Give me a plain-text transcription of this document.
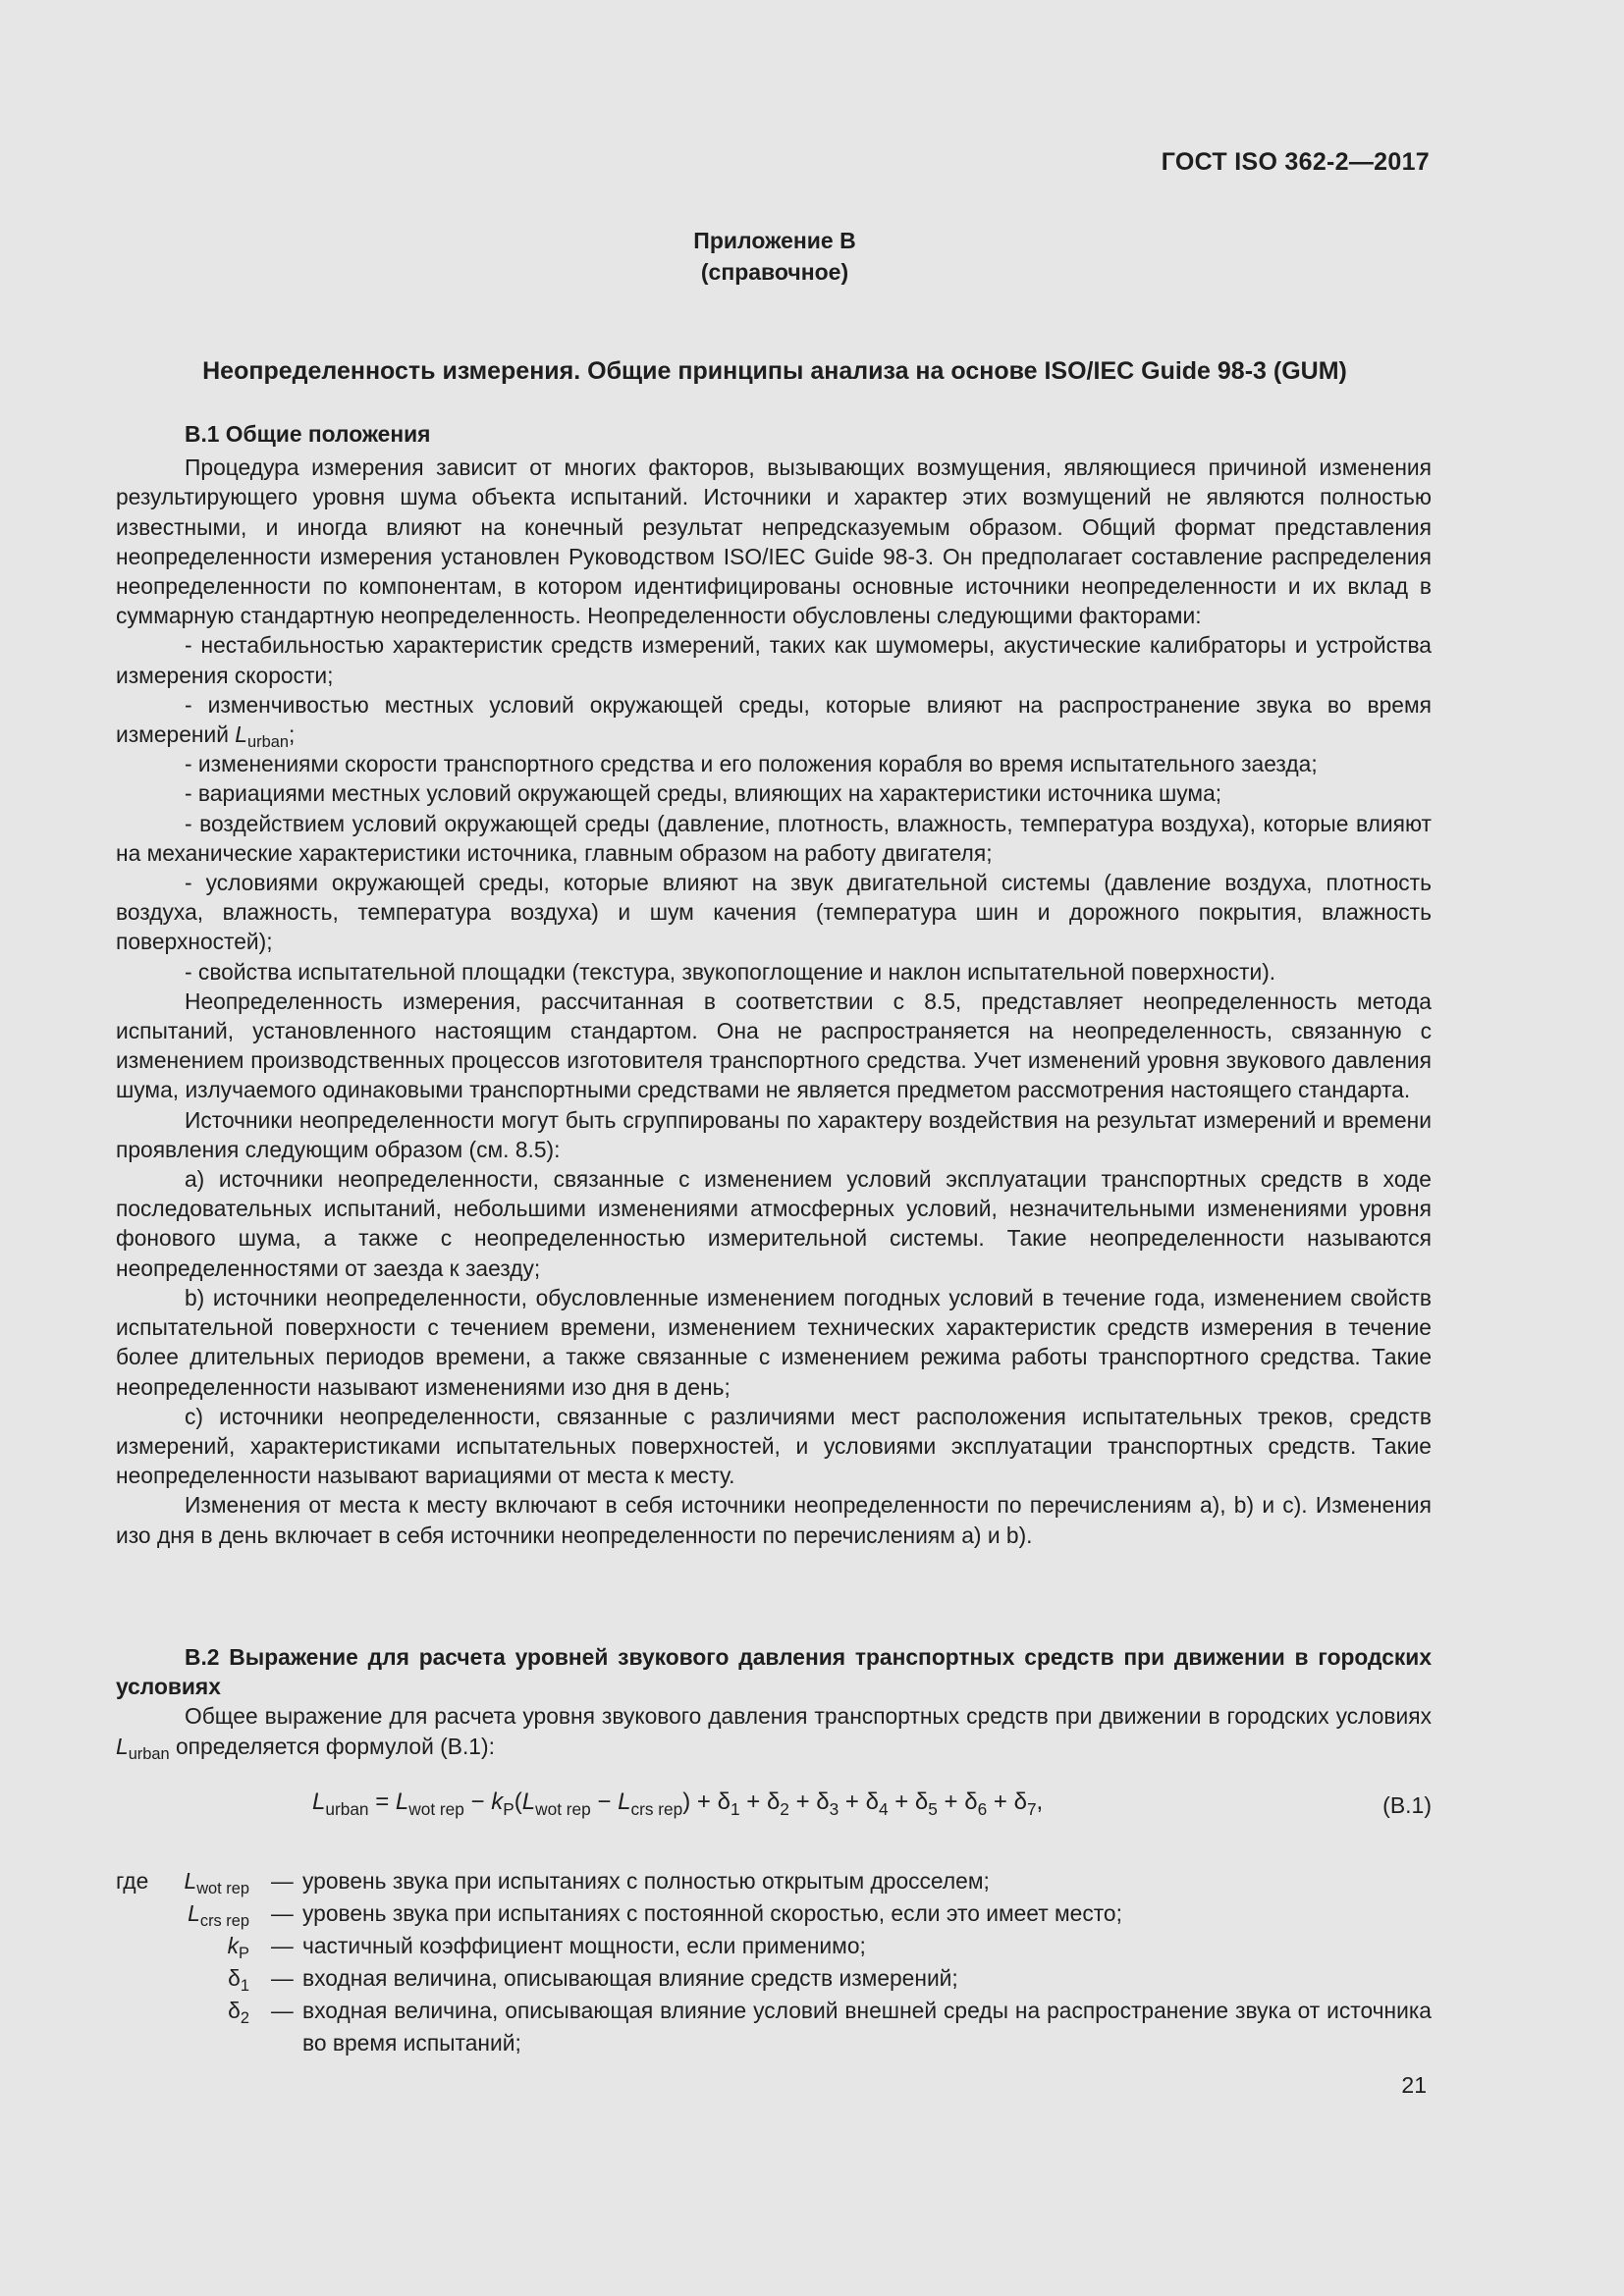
ГОСТ ISO 362-2—2017
Приложение В
(справочное)
Неопределенность измерения. Общие принципы анализа на основе ISO/IEC Guide 98-3 (GUM)
В.1 Общие положения

Процедура измерения зависит от многих факторов, вызывающих возмущения, являющиеся причиной изменения результирующего уровня шума объекта испытаний. Источники и характер этих возмущений не являются полностью известными, и иногда влияют на конечный результат непредсказуемым образом. Общий формат представления неопределенности измерения установлен Руководством ISO/IEC Guide 98-3. Он предполагает составление распределения неопределенности по компонентам, в котором идентифицированы основные источники неопределенности и их вклад в суммарную стандартную неопределенность. Неопределенности обусловлены следующими факторами:

- нестабильностью характеристик средств измерений, таких как шумомеры, акустические калибраторы и устройства измерения скорости;

- изменчивостью местных условий окружающей среды, которые влияют на распространение звука во время измерений $L_{urban}$;

- изменениями скорости транспортного средства и его положения корабля во время испытательного заезда;

- вариациями местных условий окружающей среды, влияющих на характеристики источника шума;

- воздействием условий окружающей среды (давление, плотность, влажность, температура воздуха), которые влияют на механические характеристики источника, главным образом на работу двигателя;

- условиями окружающей среды, которые влияют на звук двигательной системы (давление воздуха, плотность воздуха, влажность, температура воздуха) и шум качения (температура шин и дорожного покрытия, влажность поверхностей);

- свойства испытательной площадки (текстура, звукопоглощение и наклон испытательной поверхности).

Неопределенность измерения, рассчитанная в соответствии с 8.5, представляет неопределенность метода испытаний, установленного настоящим стандартом. Она не распространяется на неопределенность, связанную с изменением производственных процессов изготовителя транспортного средства. Учет изменений уровня звукового давления шума, излучаемого одинаковыми транспортными средствами не является предметом рассмотрения настоящего стандарта.

Источники неопределенности могут быть сгруппированы по характеру воздействия на результат измерений и времени проявления следующим образом (см. 8.5):

а) источники неопределенности, связанные с изменением условий эксплуатации транспортных средств в ходе последовательных испытаний, небольшими изменениями атмосферных условий, незначительными изменениями уровня фонового шума, а также с неопределенностью измерительной системы. Такие неопределенности называются неопределенностями от заезда к заезду;

b) источники неопределенности, обусловленные изменением погодных условий в течение года, изменением свойств испытательной поверхности с течением времени, изменением технических характеристик средств измерения в течение более длительных периодов времени, а также связанные с изменением режима работы транспортного средства. Такие неопределенности называют изменениями изо дня в день;

с) источники неопределенности, связанные с различиями мест расположения испытательных треков, средств измерений, характеристиками испытательных поверхностей, и условиями эксплуатации транспортных средств. Такие неопределенности называют вариациями от места к месту.

Изменения от места к месту включают в себя источники неопределенности по перечислениям а), b) и с). Изменения изо дня в день включает в себя источники неопределенности по перечислениям а) и b).

В.2 Выражение для расчета уровней звукового давления транспортных средств при движении в городских условиях

Общее выражение для расчета уровня звукового давления транспортных средств при движении в городских условиях $L_{urban}$ определяется формулой (В.1):

$L_{urban} = L_{wot rep} - k_P(L_{wot rep} - L_{crs rep}) + \delta_1 + \delta_2 + \delta_3 + \delta_4 + \delta_5 + \delta_6 + \delta_7$,	(В.1)
где	$L_{wot rep}$ — уровень звука при испытаниях с полностью открытым дросселем;
$L_{crs rep}$ — уровень звука при испытаниях с постоянной скоростью, если это имеет место;
$k_P$ — частичный коэффициент мощности, если применимо;
$\delta_1$ — входная величина, описывающая влияние средств измерений;
$\delta_2$ — входная величина, описывающая влияние условий внешней среды на распространение звука от источника во время испытаний;
21
